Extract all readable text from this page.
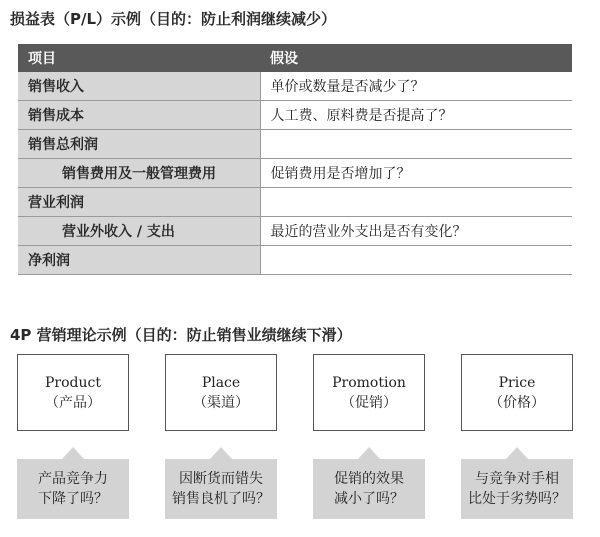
损益表（P/L）示例（目的：防止利润继续减少）
项目	假设
销售收入	单价或数量是否减少了？
销售成本	人工费、原料费是否提高了？
销售总利润	
销售费用及一般管理费用	促销费用是否增加了？
营业利润	
营业外收入 / 支出	最近的营业外支出是否有变化？
净利润	
4P 营销理论示例（目的：防止销售业绩继续下滑）
Product
（产品）
Place
（渠道）
Promotion
（促销）
Price
（价格）
产品竞争力
下降了吗？
因断货而错失
销售良机了吗？
促销的效果
减小了吗？
与竞争对手相
比处于劣势吗？
